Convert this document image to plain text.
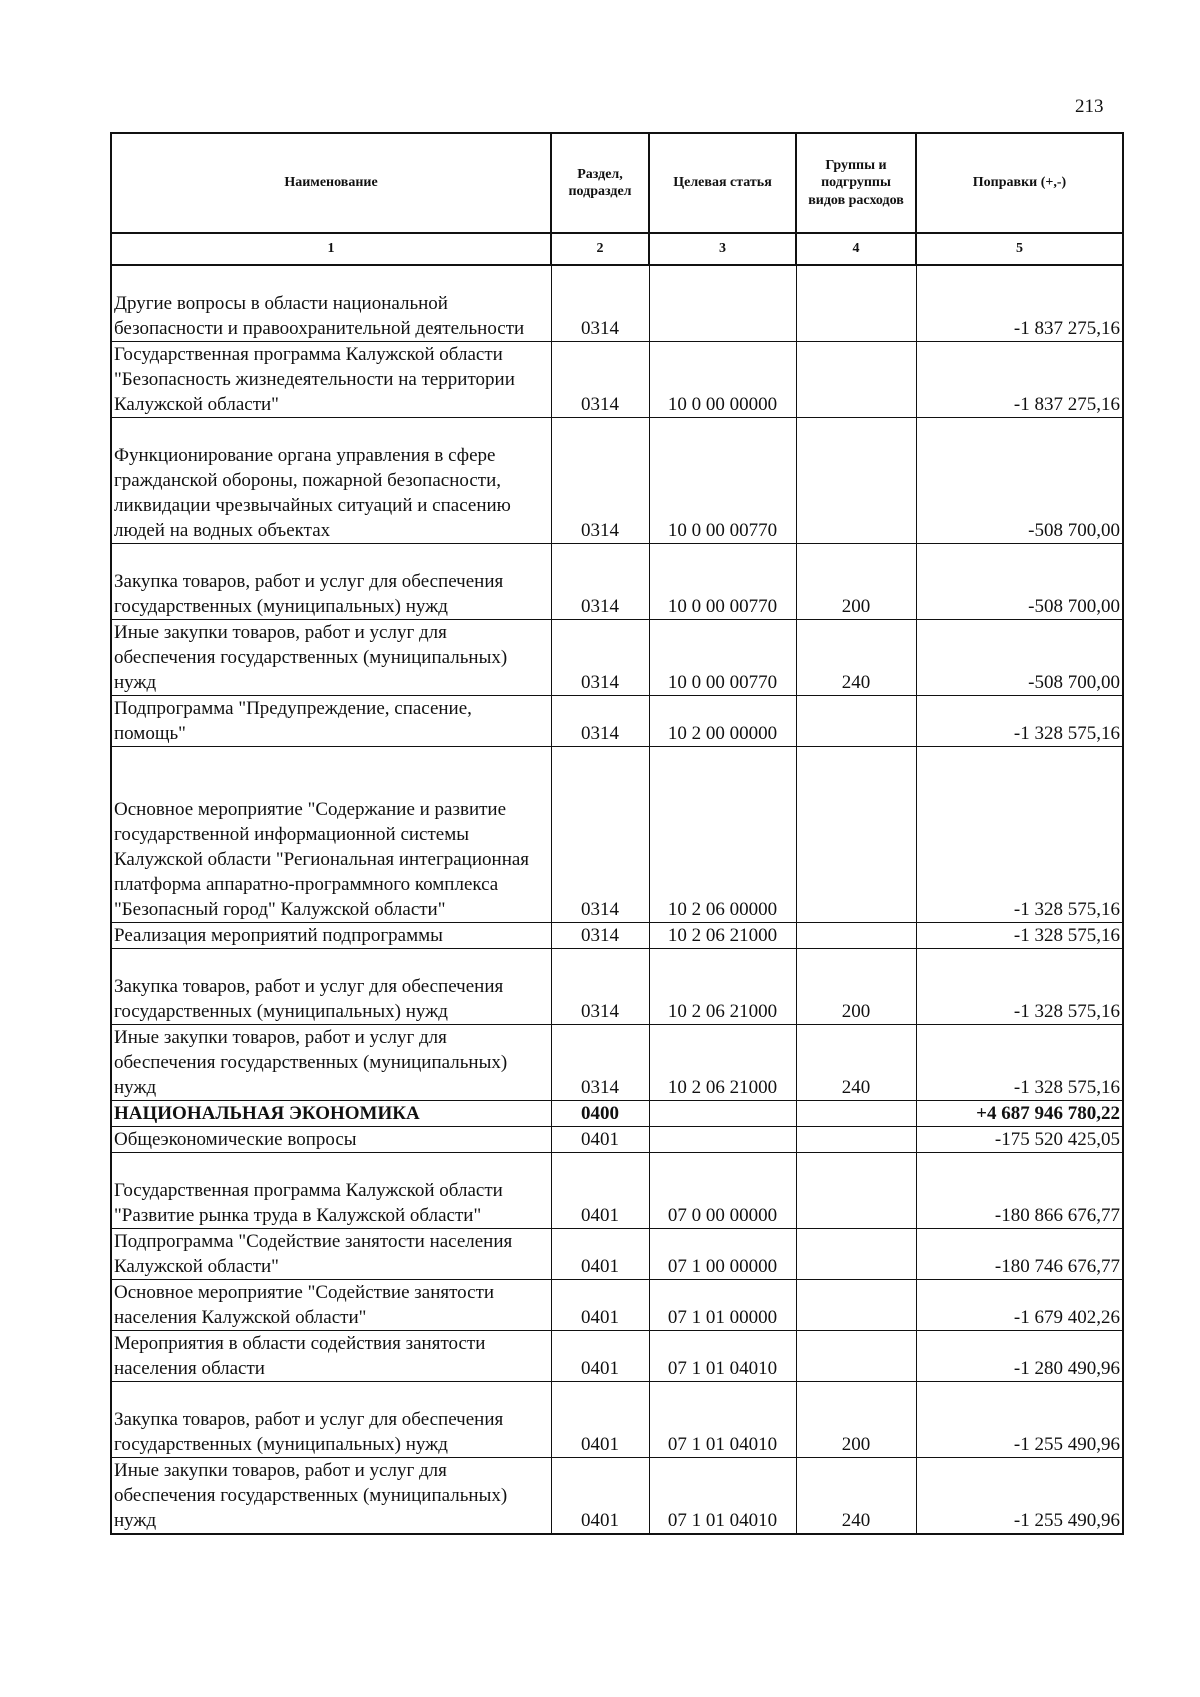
213
Наименование	Раздел, подраздел	Целевая статья	Группы и подгруппы видов расходов	Поправки (+,-)
1	2	3	4	5
Другие вопросы в области национальной безопасности и правоохранительной деятельности	0314			-1 837 275,16
Государственная программа Калужской области "Безопасность жизнедеятельности на территории Калужской области"	0314	10 0 00 00000		-1 837 275,16
Функционирование органа управления в сфере гражданской обороны, пожарной безопасности, ликвидации чрезвычайных ситуаций и спасению людей на водных объектах	0314	10 0 00 00770		-508 700,00
Закупка товаров, работ и услуг для обеспечения государственных (муниципальных) нужд	0314	10 0 00 00770	200	-508 700,00
Иные закупки товаров, работ и услуг для обеспечения государственных (муниципальных) нужд	0314	10 0 00 00770	240	-508 700,00
Подпрограмма "Предупреждение, спасение, помощь"	0314	10 2 00 00000		-1 328 575,16
Основное мероприятие "Содержание и развитие государственной информационной системы Калужской области "Региональная интеграционная платформа аппаратно-программного комплекса "Безопасный город" Калужской области"	0314	10 2 06 00000		-1 328 575,16
Реализация мероприятий подпрограммы	0314	10 2 06 21000		-1 328 575,16
Закупка товаров, работ и услуг для обеспечения государственных (муниципальных) нужд	0314	10 2 06 21000	200	-1 328 575,16
Иные закупки товаров, работ и услуг для обеспечения государственных (муниципальных) нужд	0314	10 2 06 21000	240	-1 328 575,16
НАЦИОНАЛЬНАЯ ЭКОНОМИКА	0400			+4 687 946 780,22
Общеэкономические вопросы	0401			-175 520 425,05
Государственная программа Калужской области "Развитие рынка труда в Калужской области"	0401	07 0 00 00000		-180 866 676,77
Подпрограмма "Содействие занятости населения Калужской области"	0401	07 1 00 00000		-180 746 676,77
Основное мероприятие "Содействие занятости населения Калужской области"	0401	07 1 01 00000		-1 679 402,26
Мероприятия в области содействия занятости населения области	0401	07 1 01 04010		-1 280 490,96
Закупка товаров, работ и услуг для обеспечения государственных (муниципальных) нужд	0401	07 1 01 04010	200	-1 255 490,96
Иные закупки товаров, работ и услуг для обеспечения государственных (муниципальных) нужд	0401	07 1 01 04010	240	-1 255 490,96
